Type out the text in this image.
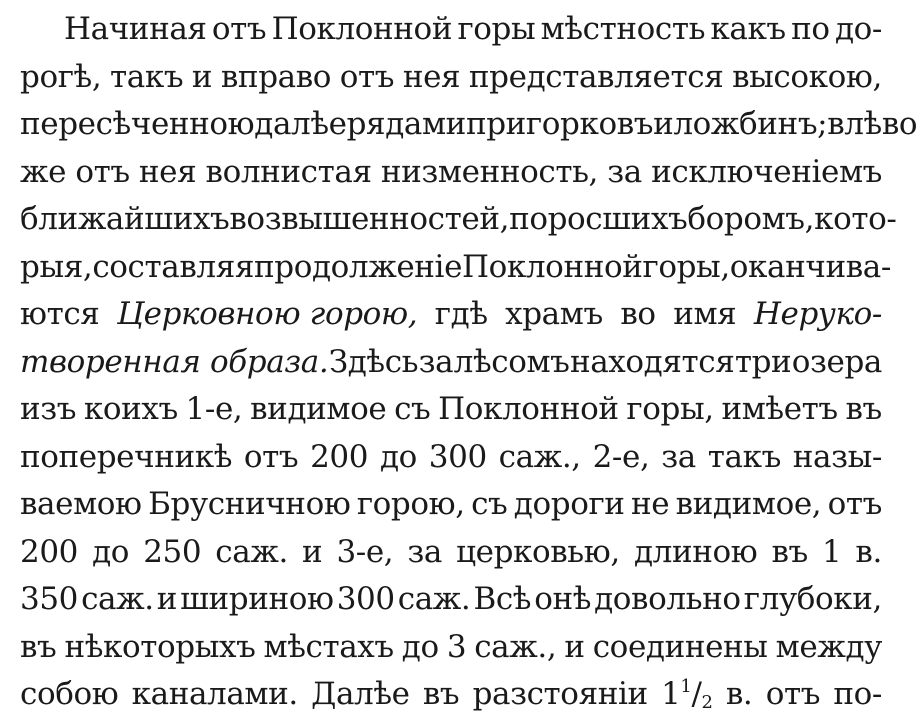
Начиная отъ Поклонной горы мѣстность какъ по до-
рогѣ, такъ и вправо отъ нея представляется высокою,
пересѣченною далѣе рядами пригорковъ и ложбинъ; влѣво
же отъ нея волнистая низменность, за исключеніемъ
ближайшихъ возвышенностей, поросшихъ боромъ, кото-
рыя, составляя продолженіе Поклонной горы, оканчива-
ются Церковною горою, гдѣ храмъ во имя Неруко-
творенная образа. Здѣсь за лѣсомъ находятся три озера
изъ коихъ 1-е, видимое съ Поклонной горы, имѣетъ въ
поперечникѣ отъ 200 до 300 саж., 2-е, за такъ назы-
ваемою Брусничною горою, съ дороги не видимое, отъ
200 до 250 саж. и 3-е, за церковью, длиною въ 1 в.
350 саж. и шириною 300 саж. Всѣ онѣ довольно глубоки,
въ нѣкоторыхъ мѣстахъ до 3 саж., и соединены между
собою каналами. Далѣе въ разстояніи $1^1/_2$ в. отъ по-
